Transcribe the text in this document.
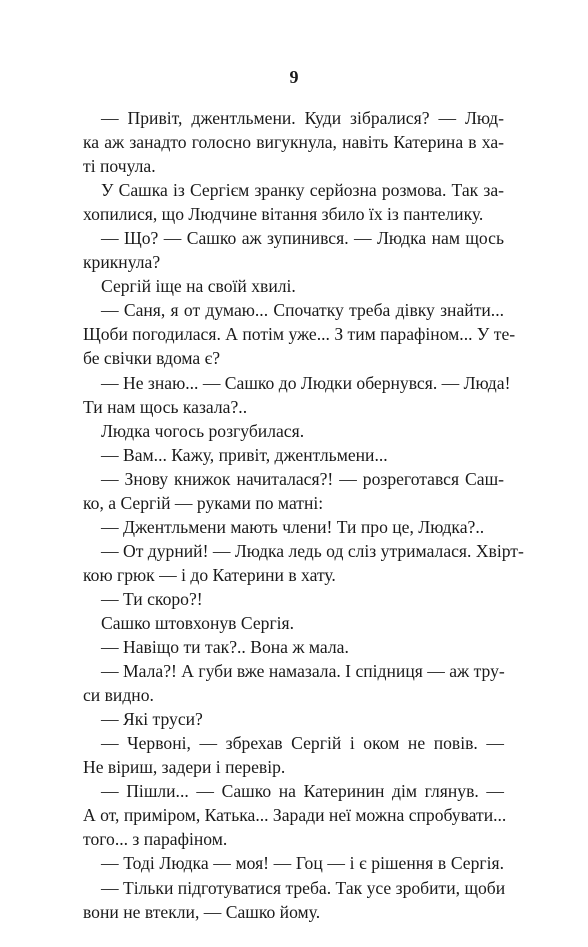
9
— Привіт, джентльмени. Куди зібралися? — Люд-
ка аж занадто голосно вигукнула, навіть Катерина в ха-
ті почула.
У Сашка із Сергієм зранку серйозна розмова. Так за-
хопилися, що Людчине вітання збило їх із пантелику.
— Що? — Сашко аж зупинився. — Людка нам щось
крикнула?
Сергій іще на своїй хвилі.
— Саня, я от думаю... Спочатку треба дівку знайти...
Щоби погодилася. А потім уже... З тим парафіном... У те-
бе свічки вдома є?
— Не знаю... — Сашко до Людки обернувся. — Люда!
Ти нам щось казала?..
Людка чогось розгубилася.
— Вам... Кажу, привіт, джентльмени...
— Знову книжок начиталася?! — розреготався Саш-
ко, а Сергій — руками по матні:
— Джентльмени мають члени! Ти про це, Людка?..
— От дурний! — Людка ледь од сліз утрималася. Хвірт-
кою грюк — і до Катерини в хату.
— Ти скоро?!
Сашко штовхонув Сергія.
— Навіщо ти так?.. Вона ж мала.
— Мала?! А губи вже намазала. І спідниця — аж тру-
си видно.
— Які труси?
— Червоні, — збрехав Сергій і оком не повів. —
Не віриш, задери і перевір.
— Пішли... — Сашко на Катеринин дім глянув. —
А от, приміром, Катька... Заради неї можна спробувати...
того... з парафіном.
— Тоді Людка — моя! — Гоц — і є рішення в Сергія.
— Тільки підготуватися треба. Так усе зробити, щоби
вони не втекли, — Сашко йому.
